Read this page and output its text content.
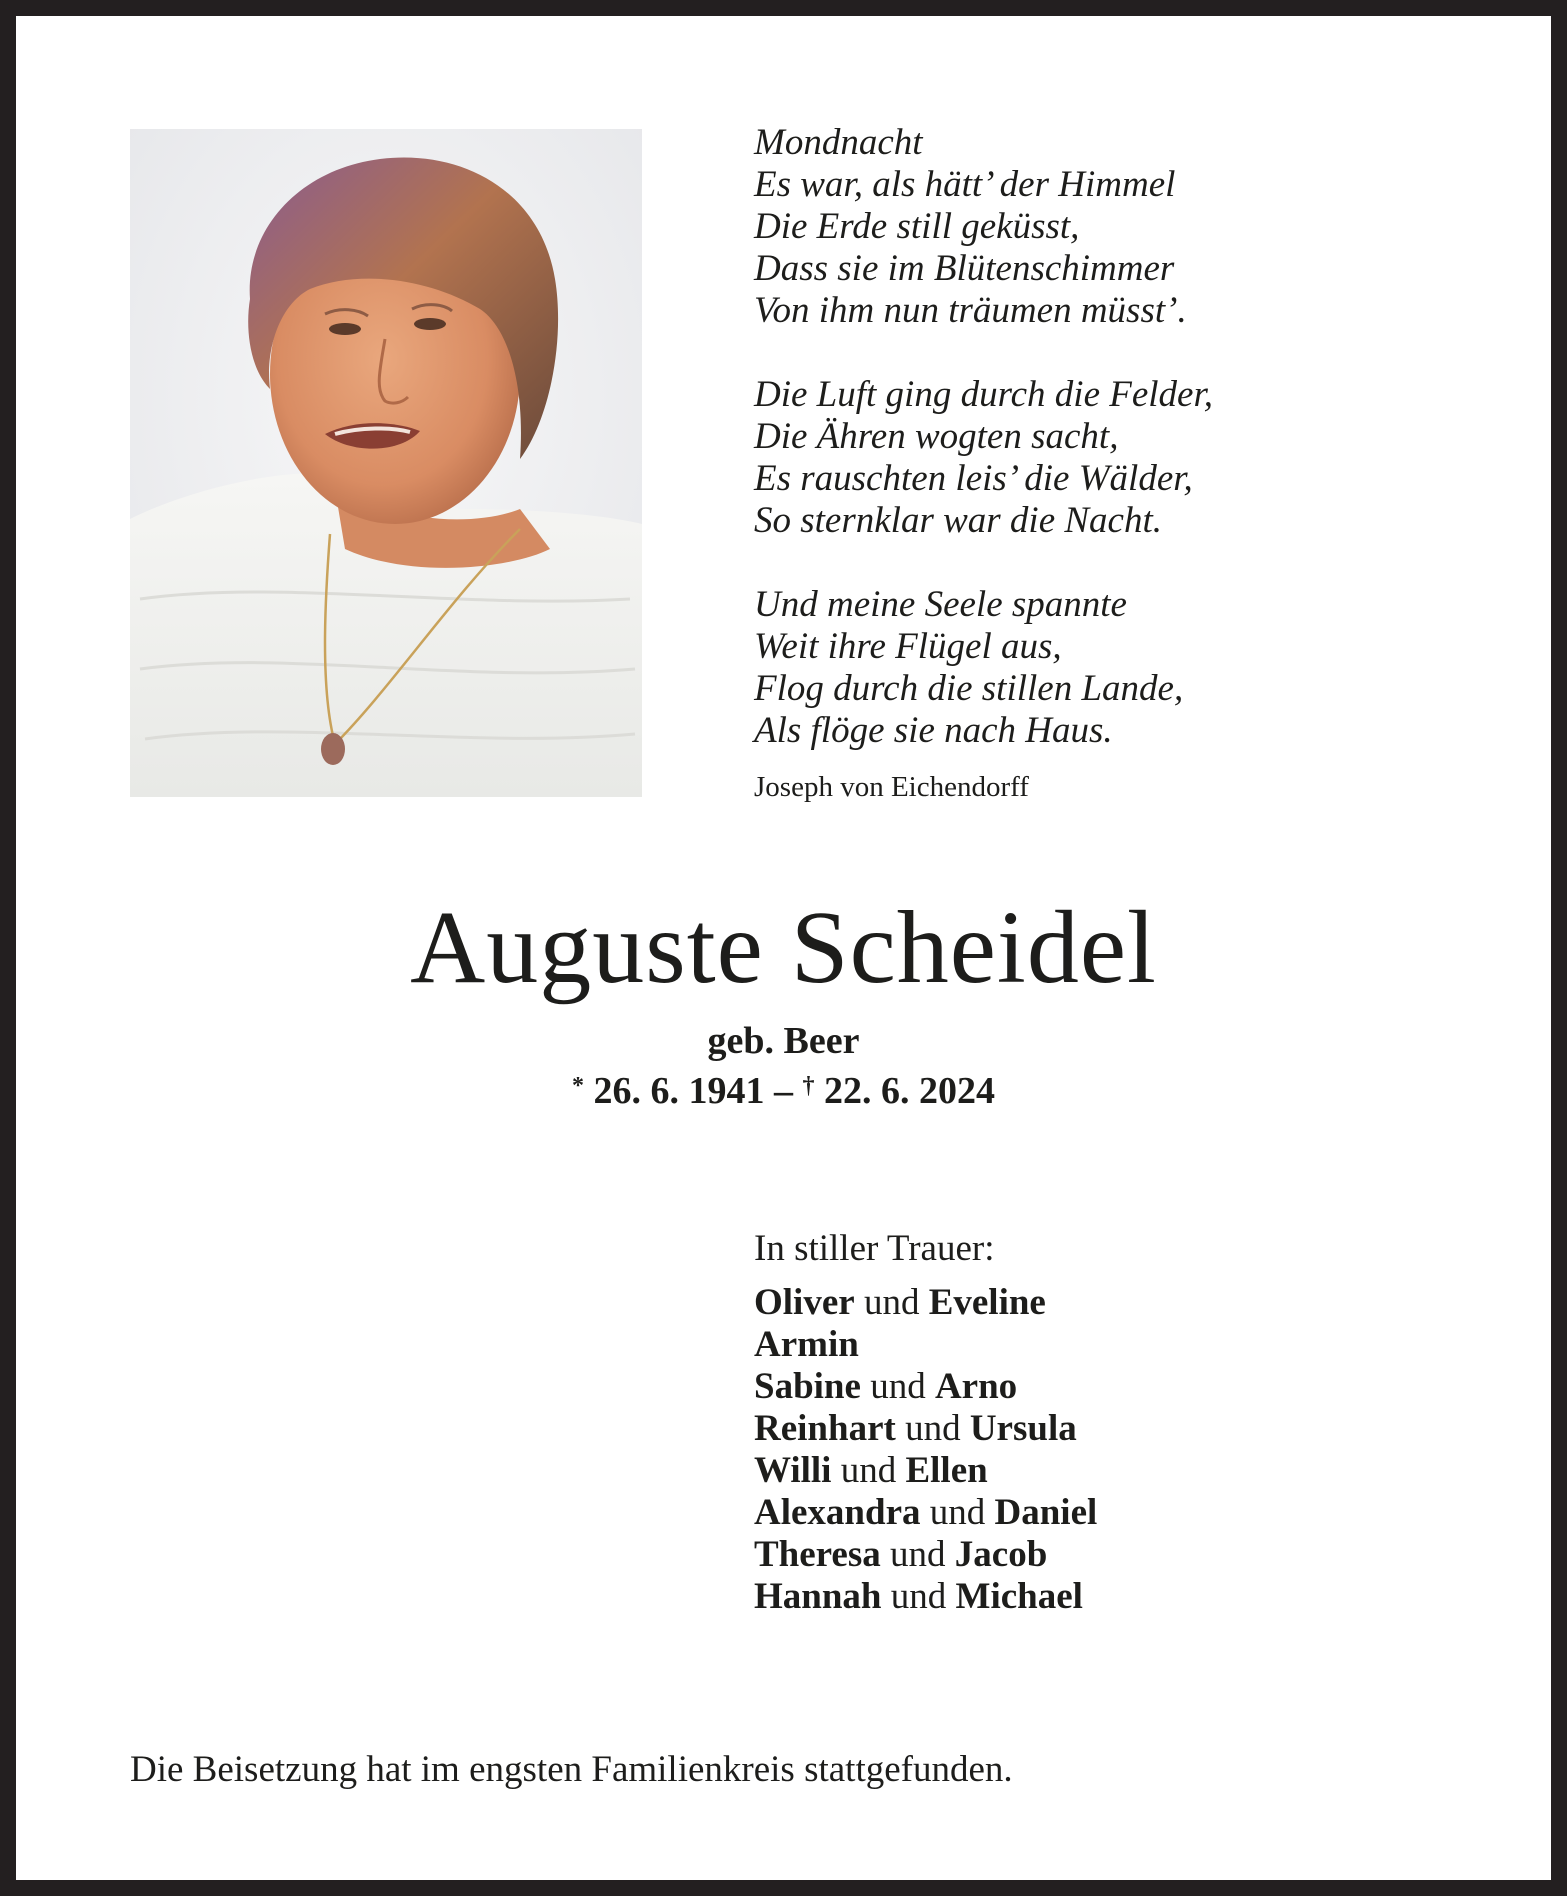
Mondnacht
Es war, als hätt’ der Himmel
Die Erde still geküsst,
Dass sie im Blütenschimmer
Von ihm nun träumen müsst’.
Die Luft ging durch die Felder,
Die Ähren wogten sacht,
Es rauschten leis’ die Wälder,
So sternklar war die Nacht.
Und meine Seele spannte
Weit ihre Flügel aus,
Flog durch die stillen Lande,
Als flöge sie nach Haus.
Joseph von Eichendorff
Auguste Scheidel
geb. Beer
* 26. 6. 1941 – † 22. 6. 2024
In stiller Trauer:
Oliver und Eveline
Armin
Sabine und Arno
Reinhart und Ursula
Willi und Ellen
Alexandra und Daniel
Theresa und Jacob
Hannah und Michael
Die Beisetzung hat im engsten Familienkreis stattgefunden.
